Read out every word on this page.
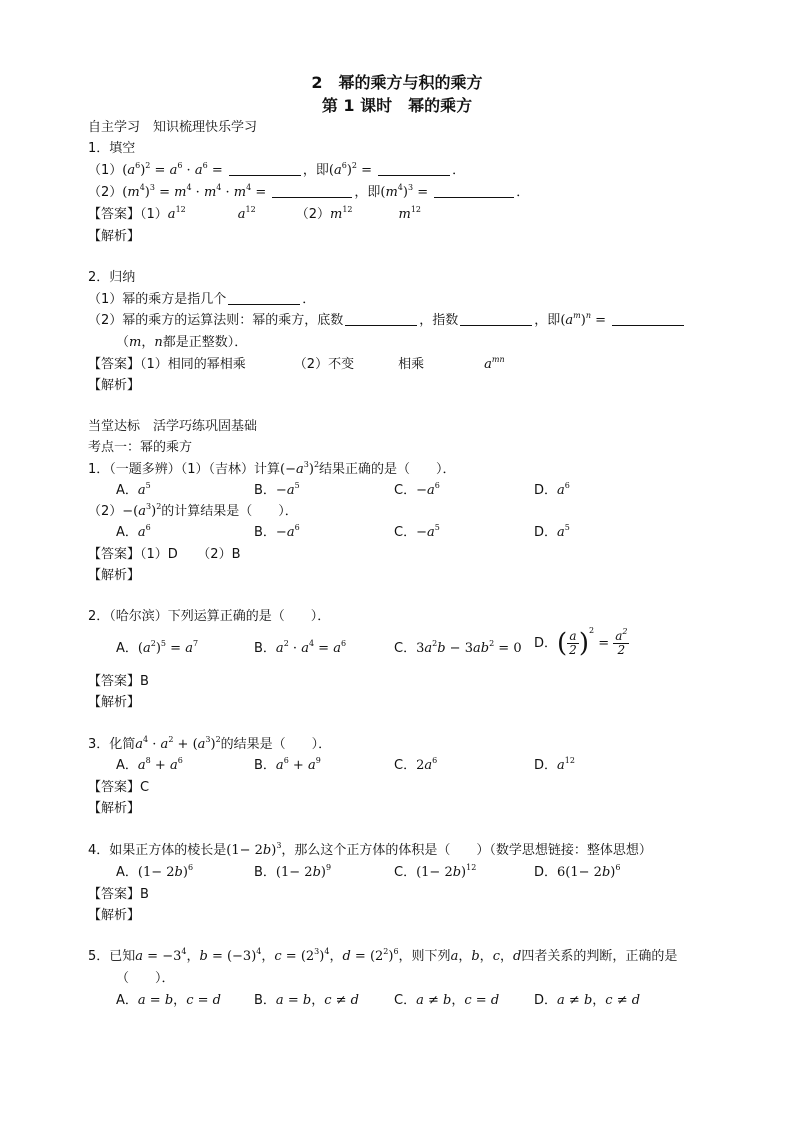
2　幂的乘方与积的乘方
第 1 课时　幂的乘方
自主学习　知识梳理快乐学习
1．填空
$(1)(a^6)^2 = a^6 \cdot a^6$ =	，即$(a^6)^2$ =	．
$(2)(m^4)^3 = m^4 \cdot m^4 \cdot m^4$ =	，即$(m^4)^3$ =	．
【答案】$(1)a^{12}$	$a^{12}$	$(2)m^{12}$	$m^{12}$
【解析】
2．归纳
（1）幂的乘方是指几个	．
（2）幂的乘方的运算法则：幂的乘方，底数	，指数	，即$(a^m)^n$ =
（m，n都是正整数）．
【答案】（1）相同的幂相乘	（2）不变	相乘	$a^{mn}$
【解析】
当堂达标　活学巧练巩固基础
考点一：幂的乘方
1．（一题多辨）（1）（吉林）计算$(-a^3)^2$结果正确的是（　　）．
A．$a^5$	B．$-a^5$	C．$-a^6$	D．$a^6$
$(2)-(a^3)^2$的计算结果是（　　）．
A．$a^6$	B．$-a^6$	C．$-a^5$	D．$a^5$
【答案】（1）D　　（2）B
【解析】
2．（哈尔滨）下列运算正确的是（　　）．
A．$(a^2)^5 = a^7$	B．$a^2 \cdot a^4 = a^6$	C．$3a^2b - 3ab^2 = 0$ D．( $\frac{a}{2} )^2 = \frac{a^2}{2}$
【答案】B
【解析】
3．化简$a^4 \cdot a^2 + (a^3)^2$的结果是（　　）．
A．$a^8 + a^6$	B．$a^6 + a^9$	C．$2a^6$	D．$a^{12}$
【答案】C
【解析】
4．如果正方体的棱长是$(1- 2b)^3$，那么这个正方体的体积是（　　）（数学思想链接：整体思想）
A．$(1- 2b)^6$	B．$(1- 2b)^9$	C．$(1- 2b)^{12}$	D．$6(1- 2b)^6$
【答案】B
【解析】
5．已知$a = -3^4$，$b = (-3)^4$，$c = (2^3)^4$，$d = (2^2)^6$，则下列a，b，c，d四者关系的判断，正确的是
（　　）．
A．a = b，c = d	B．a = b，c ≠ d	C．a ≠ b，c = d	D．a ≠ b，c ≠ d
